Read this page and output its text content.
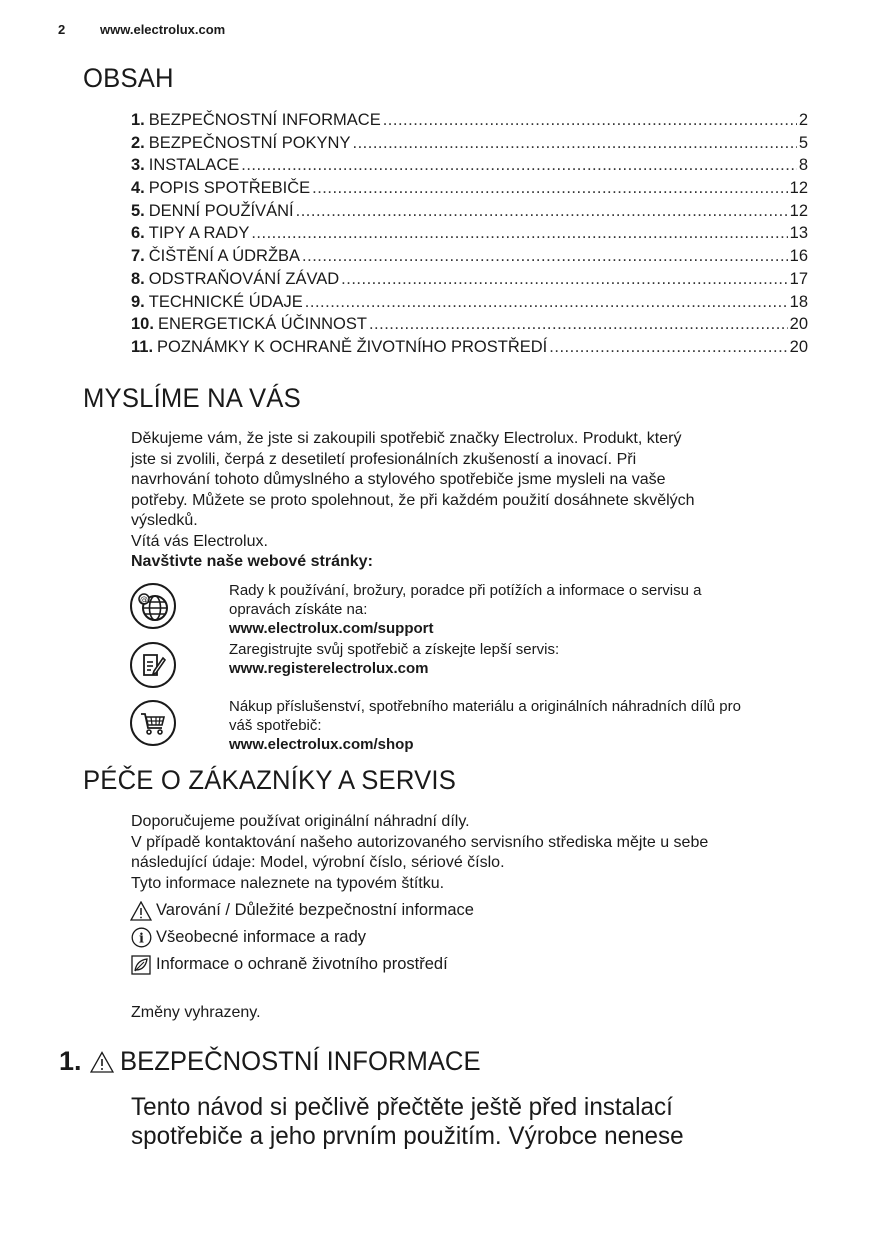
2	www.electrolux.com
OBSAH
1. BEZPEČNOSTNÍ INFORMACE .....	2
2. BEZPEČNOSTNÍ POKYNY .....	5
3. INSTALACE .....	8
4. POPIS SPOTŘEBIČE .....	12
5. DENNÍ POUŽÍVÁNÍ .....	12
6. TIPY A RADY .....	13
7. ČIŠTĚNÍ A ÚDRŽBA .....	16
8. ODSTRAŇOVÁNÍ ZÁVAD .....	17
9. TECHNICKÉ ÚDAJE .....	18
10. ENERGETICKÁ ÚČINNOST .....	20
11. POZNÁMKY K OCHRANĚ ŽIVOTNÍHO PROSTŘEDÍ .....	20
MYSLÍME NA VÁS
Děkujeme vám, že jste si zakoupili spotřebič značky Electrolux. Produkt, který
jste si zvolili, čerpá z desetiletí profesionálních zkušeností a inovací. Při
navrhování tohoto důmyslného a stylového spotřebiče jsme mysleli na vaše
potřeby. Můžete se proto spolehnout, že při každém použití dosáhnete skvělých
výsledků.
Vítá vás Electrolux.
Navštivte naše webové stránky:
@
Rady k používání, brožury, poradce při potížích a informace o servisu a
opravách získáte na:
www.electrolux.com/support
Zaregistrujte svůj spotřebič a získejte lepší servis:
www.registerelectrolux.com
Nákup příslušenství, spotřebního materiálu a originálních náhradních dílů pro
váš spotřebič:
www.electrolux.com/shop
PÉČE O ZÁKAZNÍKY A SERVIS
Doporučujeme používat originální náhradní díly.
V případě kontaktování našeho autorizovaného servisního střediska mějte u sebe
následující údaje: Model, výrobní číslo, sériové číslo.
Tyto informace naleznete na typovém štítku.
Varování / Důležité bezpečnostní informace
i Všeobecné informace a rady
Informace o ochraně životního prostředí
Změny vyhrazeny.
1. BEZPEČNOSTNÍ INFORMACE
Tento návod si pečlivě přečtěte ještě před instalací
spotřebiče a jeho prvním použitím. Výrobce nenese
